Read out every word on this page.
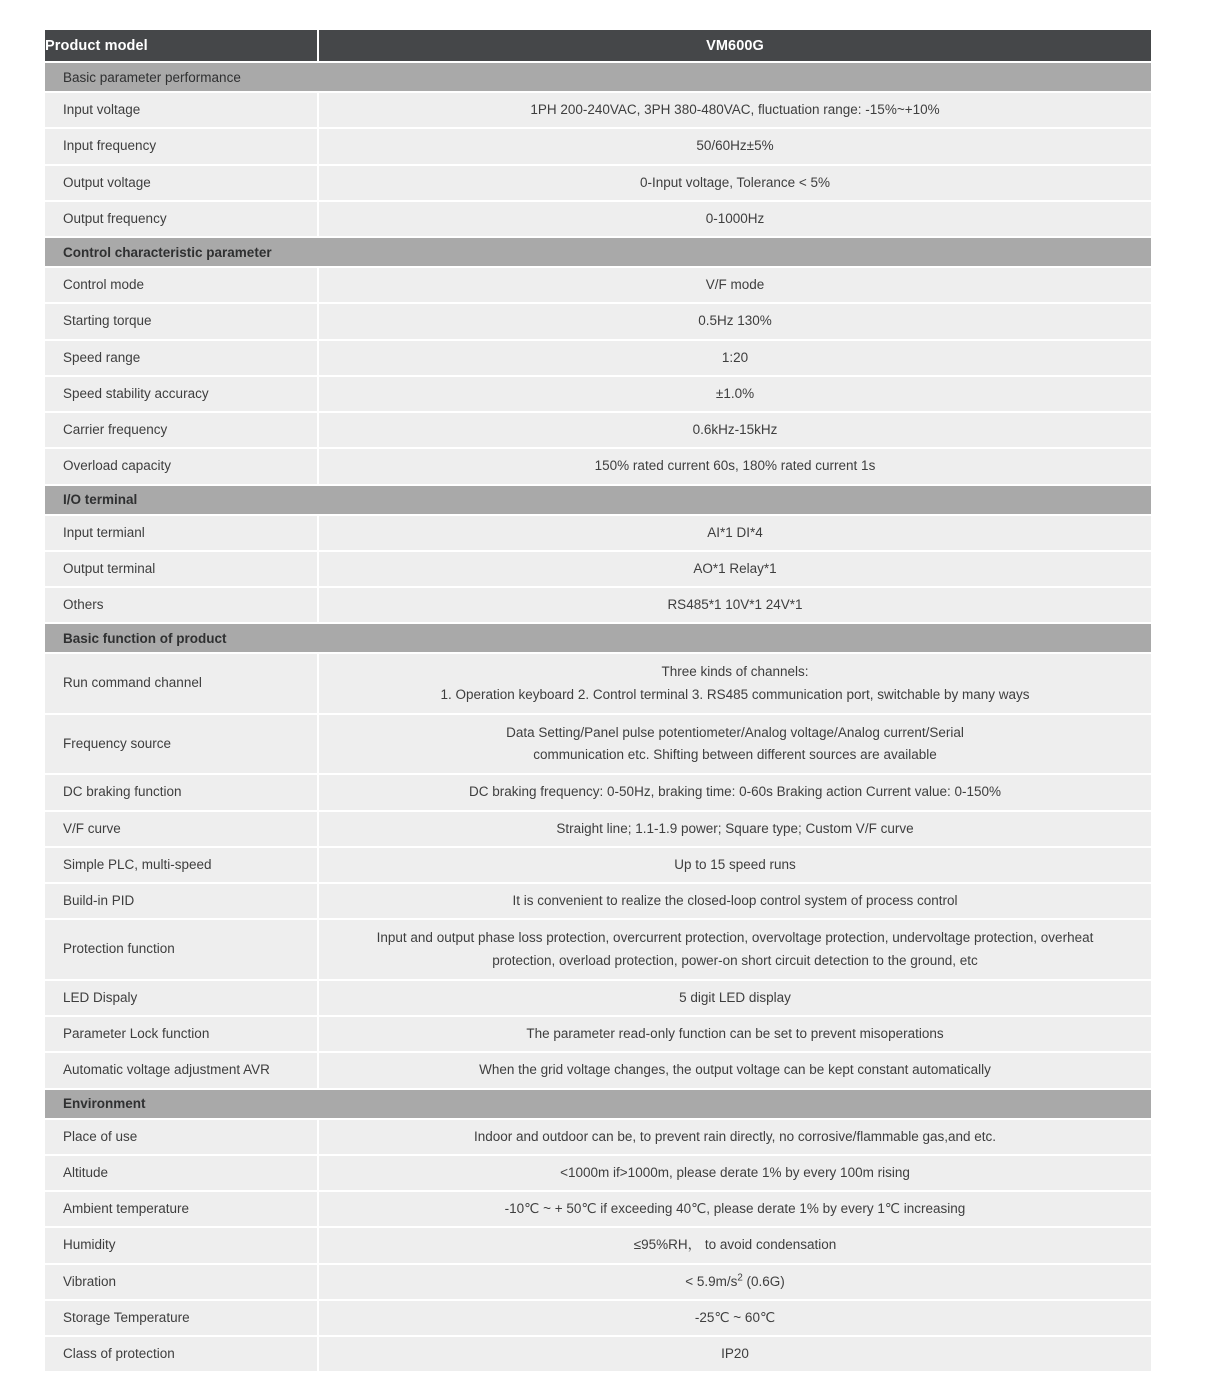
Product model	VM600G
Basic parameter performance	
Input voltage	1PH 200-240VAC, 3PH 380-480VAC, fluctuation range: -15%~+10%
Input frequency	50/60Hz±5%
Output voltage	0-Input voltage, Tolerance < 5%
Output frequency	0-1000Hz
Control characteristic parameter	
Control mode	V/F mode
Starting torque	0.5Hz 130%
Speed range	1:20
Speed stability accuracy	±1.0%
Carrier frequency	0.6kHz-15kHz
Overload capacity	150% rated current 60s, 180% rated current 1s
I/O terminal	
Input termianl	AI*1 DI*4
Output terminal	AO*1 Relay*1
Others	RS485*1 10V*1 24V*1
Basic function of product	
Run command channel	Three kinds of channels:
1. Operation keyboard 2. Control terminal 3. RS485 communication port, switchable by many ways

Frequency source	Data Setting/Panel pulse potentiometer/Analog voltage/Analog current/Serial
communication etc. Shifting between different sources are available

DC braking function	DC braking frequency: 0-50Hz, braking time: 0-60s Braking action Current value: 0-150%
V/F curve	Straight line; 1.1-1.9 power; Square type; Custom V/F curve
Simple PLC, multi-speed	Up to 15 speed runs
Build-in PID	It is convenient to realize the closed-loop control system of process control
Protection function	Input and output phase loss protection, overcurrent protection, overvoltage protection, undervoltage protection, overheat
protection, overload protection, power-on short circuit detection to the ground, etc

LED Dispaly	5 digit LED display
Parameter Lock function	The parameter read-only function can be set to prevent misoperations
Automatic voltage adjustment AVR	When the grid voltage changes, the output voltage can be kept constant automatically
Environment	
Place of use	Indoor and outdoor can be, to prevent rain directly, no corrosive/flammable gas,and etc.
Altitude	<1000m if>1000m, please derate 1% by every 100m rising
Ambient temperature	-10℃ ~ + 50℃ if exceeding 40℃, please derate 1% by every 1℃ increasing
Humidity	≤95%RH， to avoid condensation
Vibration	< $5.9m/s^2$ (0.6G)
Storage Temperature	-25℃ ~ 60℃
Class of protection	IP20
